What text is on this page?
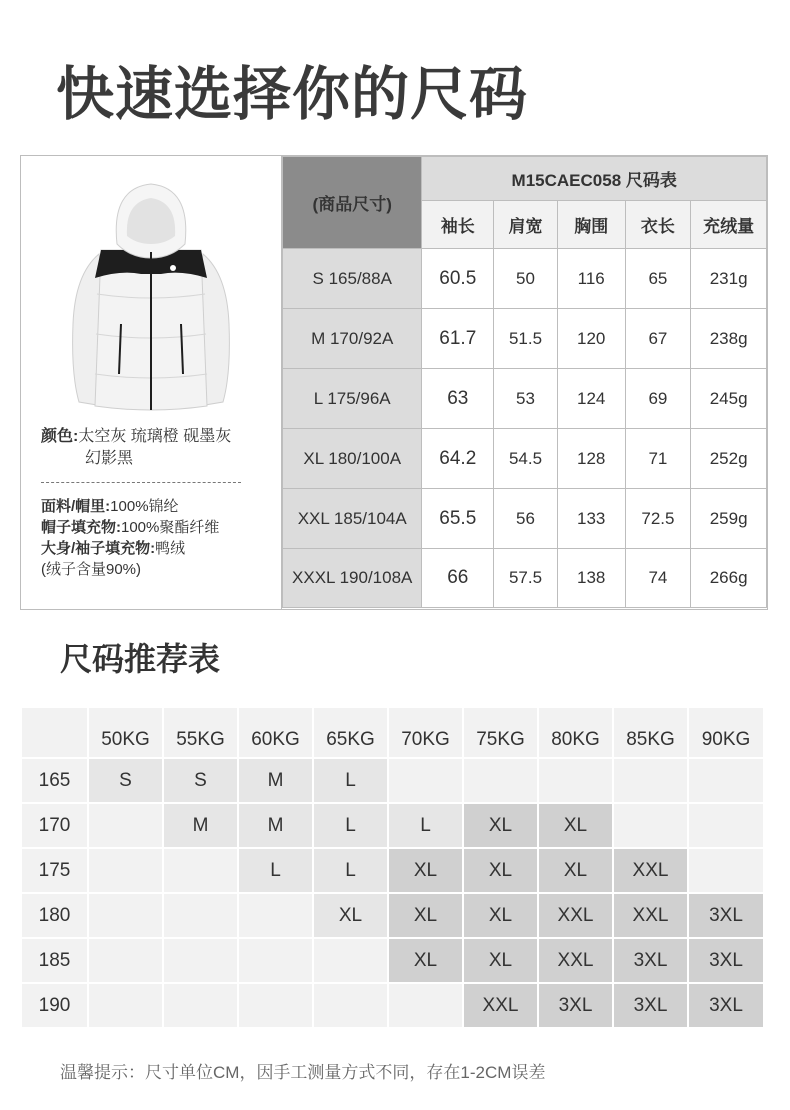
快速选择你的尺码
颜色:太空灰 琉璃橙 砚墨灰
幻影黑
面料/帽里:100%锦纶
帽子填充物:100%聚酯纤维
大身/袖子填充物:鸭绒
(绒子含量90%)
(商品尺寸)	M15CAEC058 尺码表				
	袖长	肩宽	胸围	衣长	充绒量
S 165/88A	60.5	50	116	65	231g
M 170/92A	61.7	51.5	120	67	238g
L 175/96A	63	53	124	69	245g
XL 180/100A	64.2	54.5	128	71	252g
XXL 185/104A	65.5	56	133	72.5	259g
XXXL 190/108A	66	57.5	138	74	266g
尺码推荐表
	50KG	55KG	60KG	65KG	70KG	75KG	80KG	85KG	90KG
165	S	S	M	L					
170		M	M	L	L	XL	XL		
175			L	L	XL	XL	XL	XXL	
180				XL	XL	XL	XXL	XXL	3XL
185					XL	XL	XXL	3XL	3XL
190						XXL	3XL	3XL	3XL

温馨提示：尺寸单位CM，因手工测量方式不同，存在1-2CM误差
